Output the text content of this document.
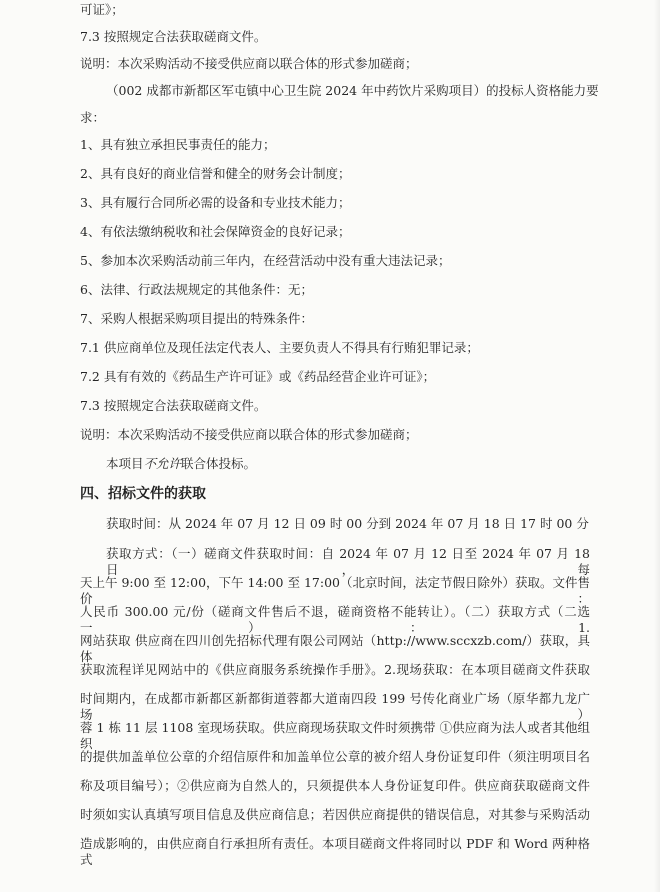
可证》；
7.3 按照规定合法获取磋商文件。
说明：本次采购活动不接受供应商以联合体的形式参加磋商；
（002 成都市新都区军屯镇中心卫生院 2024 年中药饮片采购项目）的投标人资格能力要
求：
1、具有独立承担民事责任的能力；
2、具有良好的商业信誉和健全的财务会计制度；
3、具有履行合同所必需的设备和专业技术能力；
4、有依法缴纳税收和社会保障资金的良好记录；
5、参加本次采购活动前三年内，在经营活动中没有重大违法记录；
6、法律、行政法规规定的其他条件：无；
7、采购人根据采购项目提出的特殊条件：
7.1 供应商单位及现任法定代表人、主要负责人不得具有行贿犯罪记录；
7.2 具有有效的《药品生产许可证》或《药品经营企业许可证》；
7.3 按照规定合法获取磋商文件。
说明：本次采购活动不接受供应商以联合体的形式参加磋商；
本项目不允许联合体投标。
四、招标文件的获取
获取时间：从 2024 年 07 月 12 日 09 时 00 分到 2024 年 07 月 18 日 17 时 00 分
获取方式：（一）磋商文件获取时间：自 2024 年 07 月 12 日至 2024 年 07 月 18 日，每
天上午 9:00 至 12:00，下午 14:00 至 17:00（北京时间，法定节假日除外）获取。文件售价：
人民币 300.00 元/份（磋商文件售后不退，磋商资格不能转让）。（二）获取方式（二选一）：1.
网站获取 供应商在四川创先招标代理有限公司网站（http://www.sccxzb.com/）获取，具体
获取流程详见网站中的《供应商服务系统操作手册》。2.现场获取：在本项目磋商文件获取
时间期内，在成都市新都区新都街道蓉都大道南四段 199 号传化商业广场（原华都九龙广场）
蓉 1 栋 11 层 1108 室现场获取。供应商现场获取文件时须携带 ①供应商为法人或者其他组织
的提供加盖单位公章的介绍信原件和加盖单位公章的被介绍人身份证复印件（须注明项目名
称及项目编号）；②供应商为自然人的，只须提供本人身份证复印件。供应商获取磋商文件
时须如实认真填写项目信息及供应商信息；若因供应商提供的错误信息，对其参与采购活动
造成影响的，由供应商自行承担所有责任。本项目磋商文件将同时以 PDF 和 Word 两种格式
